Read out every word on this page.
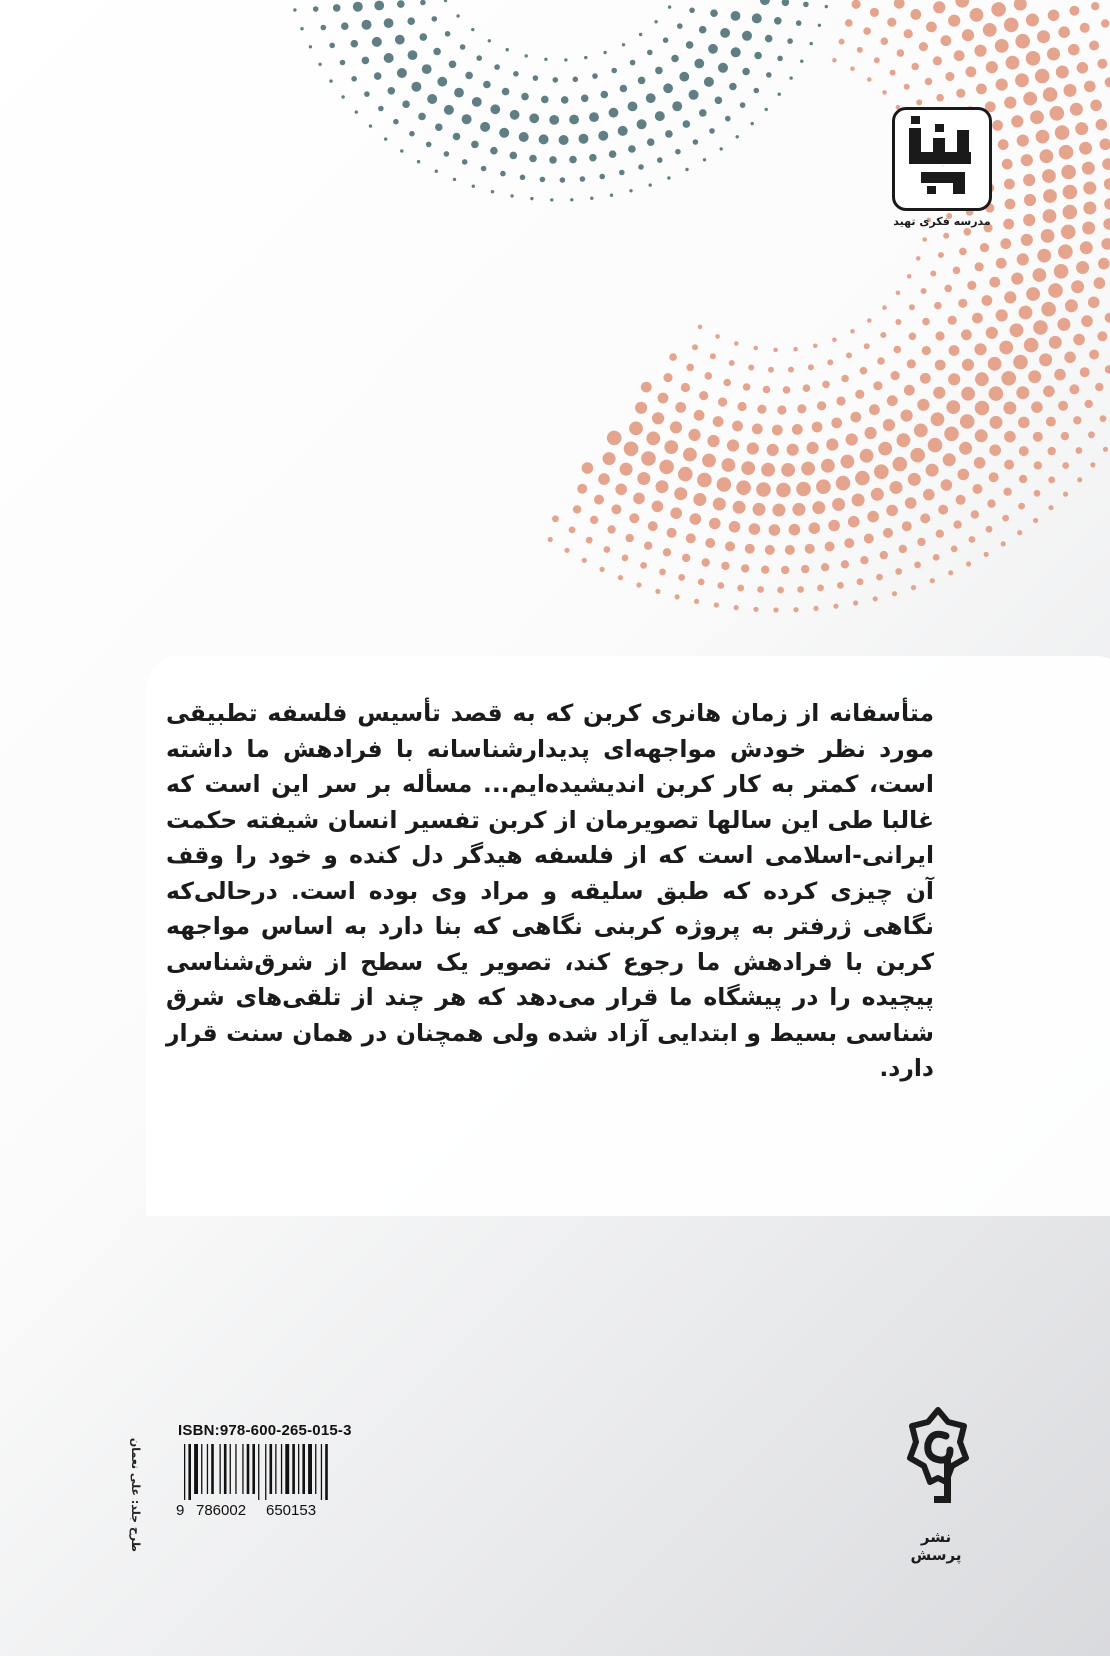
تهیر
مدرسه فکری تهید

متأسفانه از زمان هانری کربن که به قصد تأسیس فلسفه تطبیقی مورد نظر خودش مواجهه‌ای پدیدارشناسانه با فرادهش ما داشته است، کمتر به کار کربن اندیشیده‌ایم... مسأله بر سر این است که غالبا طی این سالها تصویرمان از کربن تفسیر انسان شیفته حکمت ایرانی-اسلامی است که از فلسفه هیدگر دل کنده و خود را وقف آن چیزی کرده که طبق سلیقه و مراد وی بوده است. درحالی‌که نگاهی ژرفتر به پروژه کربنی نگاهی که بنا دارد به اساس مواجهه کربن با فرادهش ما رجوع کند، تصویر یک سطح از شرق‌شناسی پیچیده را در پیشگاه ما قرار می‌دهد که هر چند از تلقی‌های شرق شناسی بسیط و ابتدایی آزاد شده ولی همچنان در همان سنت قرار دارد.

طرح جلد: علی نعمان
ISBN:978-600-265-015-3
9 786002 650153
نشر پرسش
